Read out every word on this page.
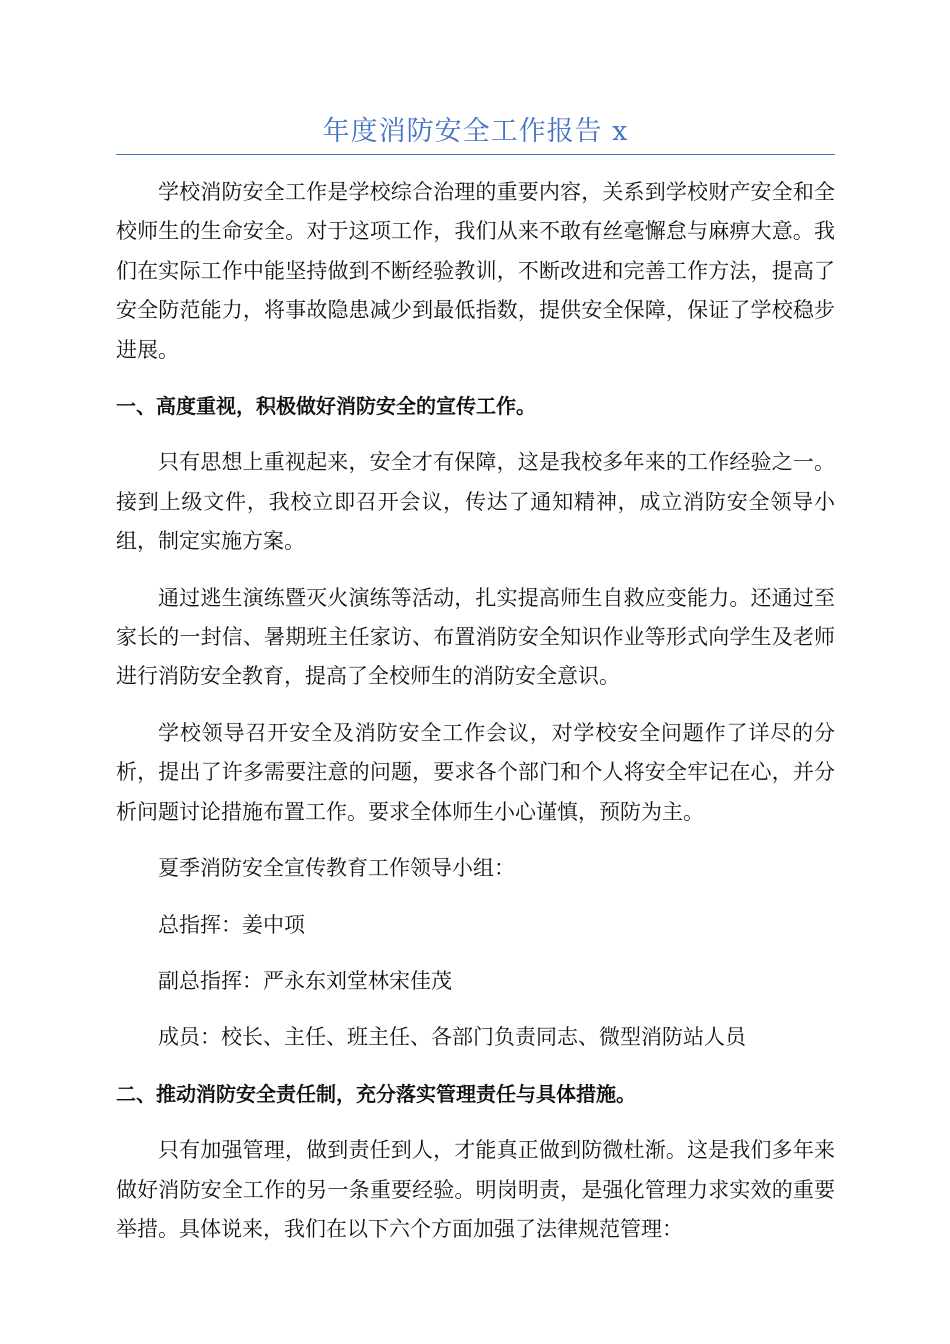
年度消防安全工作报告 x

学校消防安全工作是学校综合治理的重要内容，关系到学校财产安全和全校师生的生命安全。对于这项工作，我们从来不敢有丝毫懈怠与麻痹大意。我们在实际工作中能坚持做到不断经验教训，不断改进和完善工作方法，提高了安全防范能力，将事故隐患减少到最低指数，提供安全保障，保证了学校稳步进展。

一、高度重视，积极做好消防安全的宣传工作。

只有思想上重视起来，安全才有保障，这是我校多年来的工作经验之一。接到上级文件，我校立即召开会议，传达了通知精神，成立消防安全领导小组，制定实施方案。

通过逃生演练暨灭火演练等活动，扎实提高师生自救应变能力。还通过至家长的一封信、暑期班主任家访、布置消防安全知识作业等形式向学生及老师进行消防安全教育，提高了全校师生的消防安全意识。

学校领导召开安全及消防安全工作会议，对学校安全问题作了详尽的分析，提出了许多需要注意的问题，要求各个部门和个人将安全牢记在心，并分析问题讨论措施布置工作。要求全体师生小心谨慎，预防为主。

夏季消防安全宣传教育工作领导小组：

总指挥：姜中项

副总指挥：严永东刘堂林宋佳茂

成员：校长、主任、班主任、各部门负责同志、微型消防站人员

二、推动消防安全责任制，充分落实管理责任与具体措施。

只有加强管理，做到责任到人，才能真正做到防微杜渐。这是我们多年来做好消防安全工作的另一条重要经验。明岗明责，是强化管理力求实效的重要举措。具体说来，我们在以下六个方面加强了法律规范管理：
